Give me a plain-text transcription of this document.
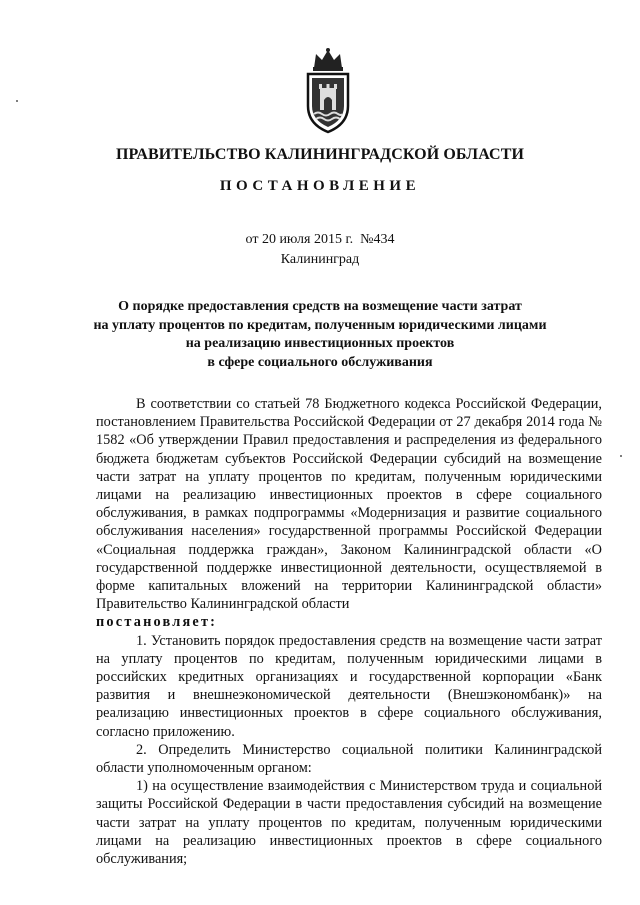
ПРАВИТЕЛЬСТВО КАЛИНИНГРАДСКОЙ ОБЛАСТИ
ПОСТАНОВЛЕНИЕ
от 20 июля 2015 г. №434
Калининград
О порядке предоставления средств на возмещение части затрат
на уплату процентов по кредитам, полученным юридическими лицами
на реализацию инвестиционных проектов
в сфере социального обслуживания

В соответствии со статьей 78 Бюджетного кодекса Российской Федерации, постановлением Правительства Российской Федерации от 27 декабря 2014 года № 1582 «Об утверждении Правил предоставления и распределения из федерального бюджета бюджетам субъектов Российской Федерации субсидий на возмещение части затрат на уплату процентов по кредитам, полученным юридическими лицами на реализацию инвестиционных проектов в сфере социального обслуживания, в рамках подпрограммы «Модернизация и развитие социального обслуживания населения» государственной программы Российской Федерации «Социальная поддержка граждан», Законом Калининградской области «О государственной поддержке инвестиционной деятельности, осуществляемой в форме капитальных вложений на территории Калининградской области» Правительство Калининградской области

постановляет:

1. Установить порядок предоставления средств на возмещение части затрат на уплату процентов по кредитам, полученным юридическими лицами в российских кредитных организациях и государственной корпорации «Банк развития и внешнеэкономической деятельности (Внешэкономбанк)» на реализацию инвестиционных проектов в сфере социального обслуживания, согласно приложению.

2. Определить Министерство социальной политики Калининградской области уполномоченным органом:

1) на осуществление взаимодействия с Министерством труда и социальной защиты Российской Федерации в части предоставления субсидий на возмещение части затрат на уплату процентов по кредитам, полученным юридическими лицами на реализацию инвестиционных проектов в сфере социального обслуживания;
